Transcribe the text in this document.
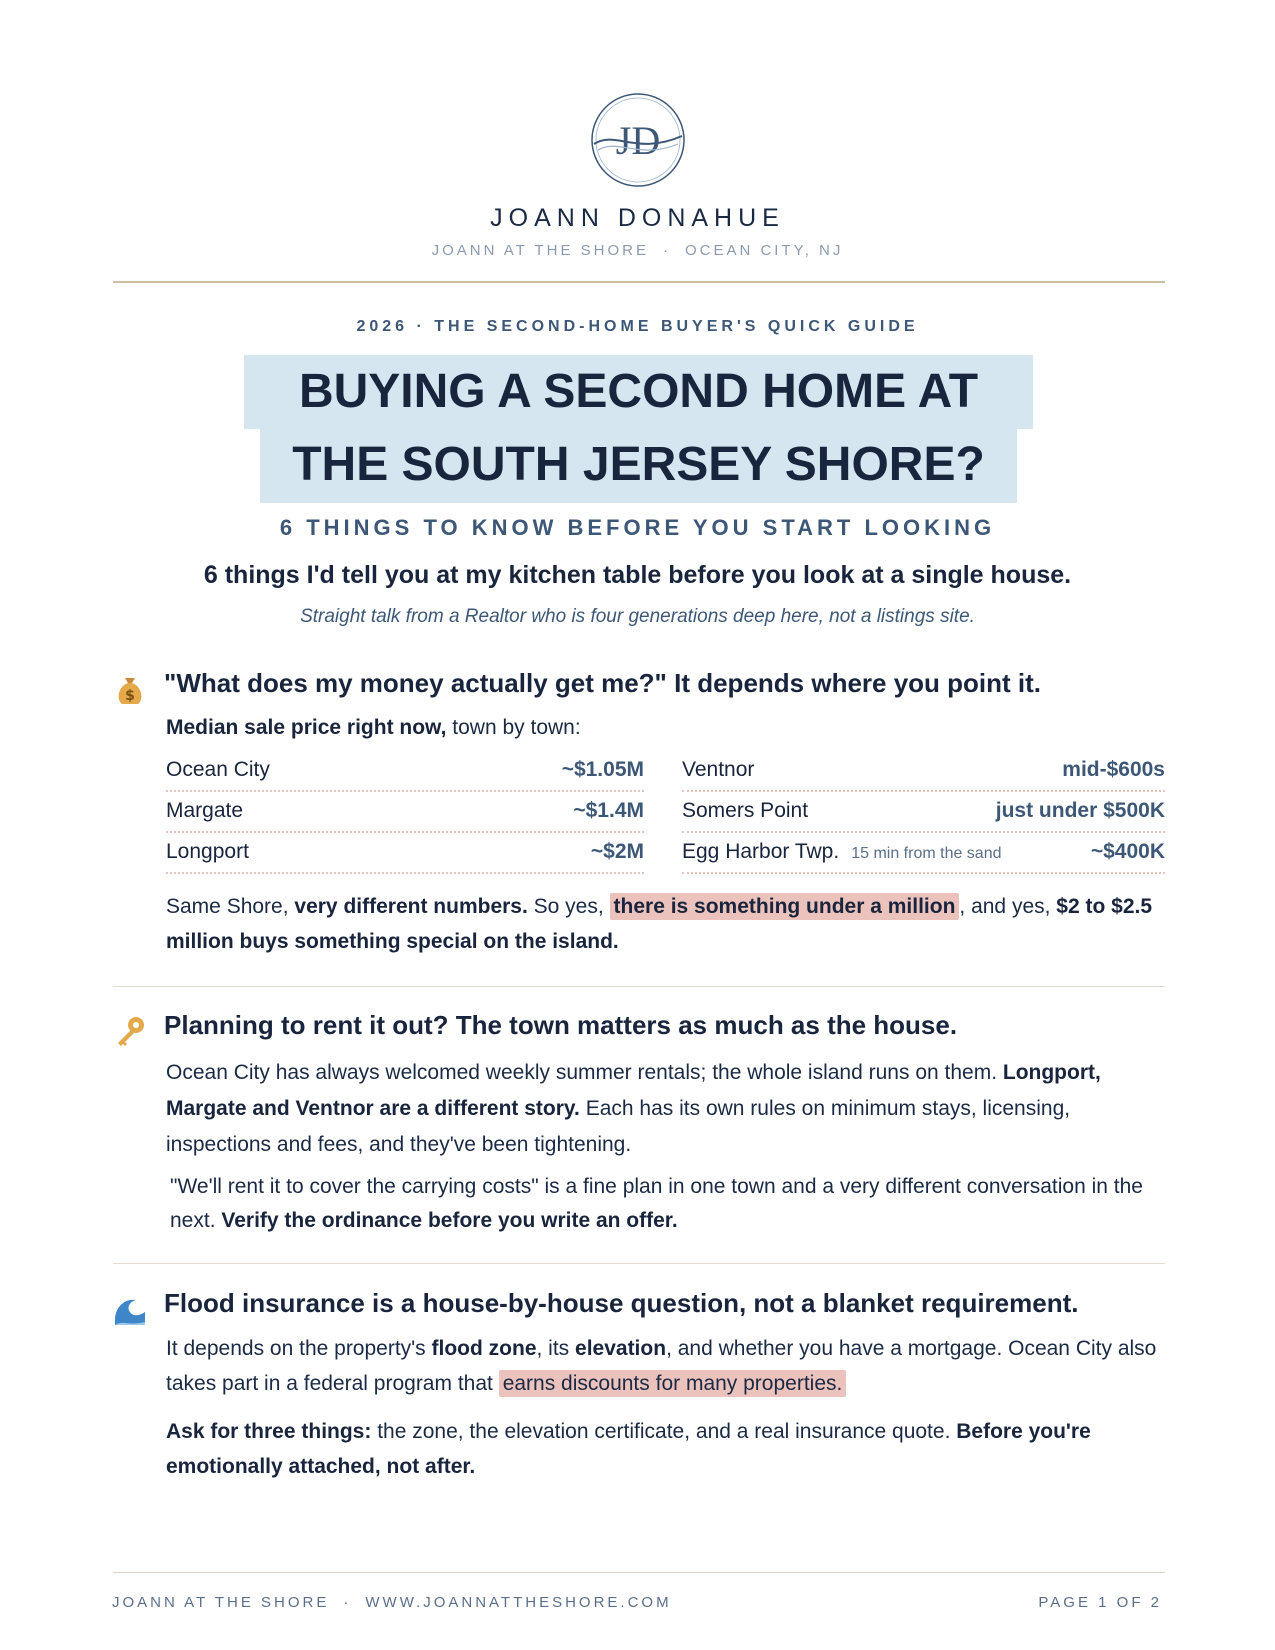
JD
JOANN DONAHUE
JOANN AT THE SHORE · OCEAN CITY, NJ
2026 · THE SECOND-HOME BUYER'S QUICK GUIDE
BUYING A SECOND HOME AT
THE SOUTH JERSEY SHORE?
6 THINGS TO KNOW BEFORE YOU START LOOKING
6 things I'd tell you at my kitchen table before you look at a single house.
Straight talk from a Realtor who is four generations deep here, not a listings site.
$ "What does my money actually get me?" It depends where you point it.
Median sale price right now, town by town:
Ocean City	~$1.05M
Margate	~$1.4M
Longport	~$2M
Ventnor	mid-$600s
Somers Point	just under $500K
Egg Harbor Twp. 15 min from the sand	~$400K
Same Shore, very different numbers. So yes, there is something under a million , and yes, $2 to $2.5 million buys something special on the island.
Planning to rent it out? The town matters as much as the house.
Ocean City has always welcomed weekly summer rentals; the whole island runs on them. Longport, Margate and Ventnor are a different story. Each has its own rules on minimum stays, licensing, inspections and fees, and they've been tightening.
"We'll rent it to cover the carrying costs" is a fine plan in one town and a very different conversation in the next. Verify the ordinance before you write an offer.
Flood insurance is a house-by-house question, not a blanket requirement.
It depends on the property's flood zone, its elevation, and whether you have a mortgage. Ocean City also takes part in a federal program that earns discounts for many properties.
Ask for three things: the zone, the elevation certificate, and a real insurance quote. Before you're emotionally attached, not after.
JOANN AT THE SHORE · WWW.JOANNATTHESHORE.COM	PAGE 1 OF 2
